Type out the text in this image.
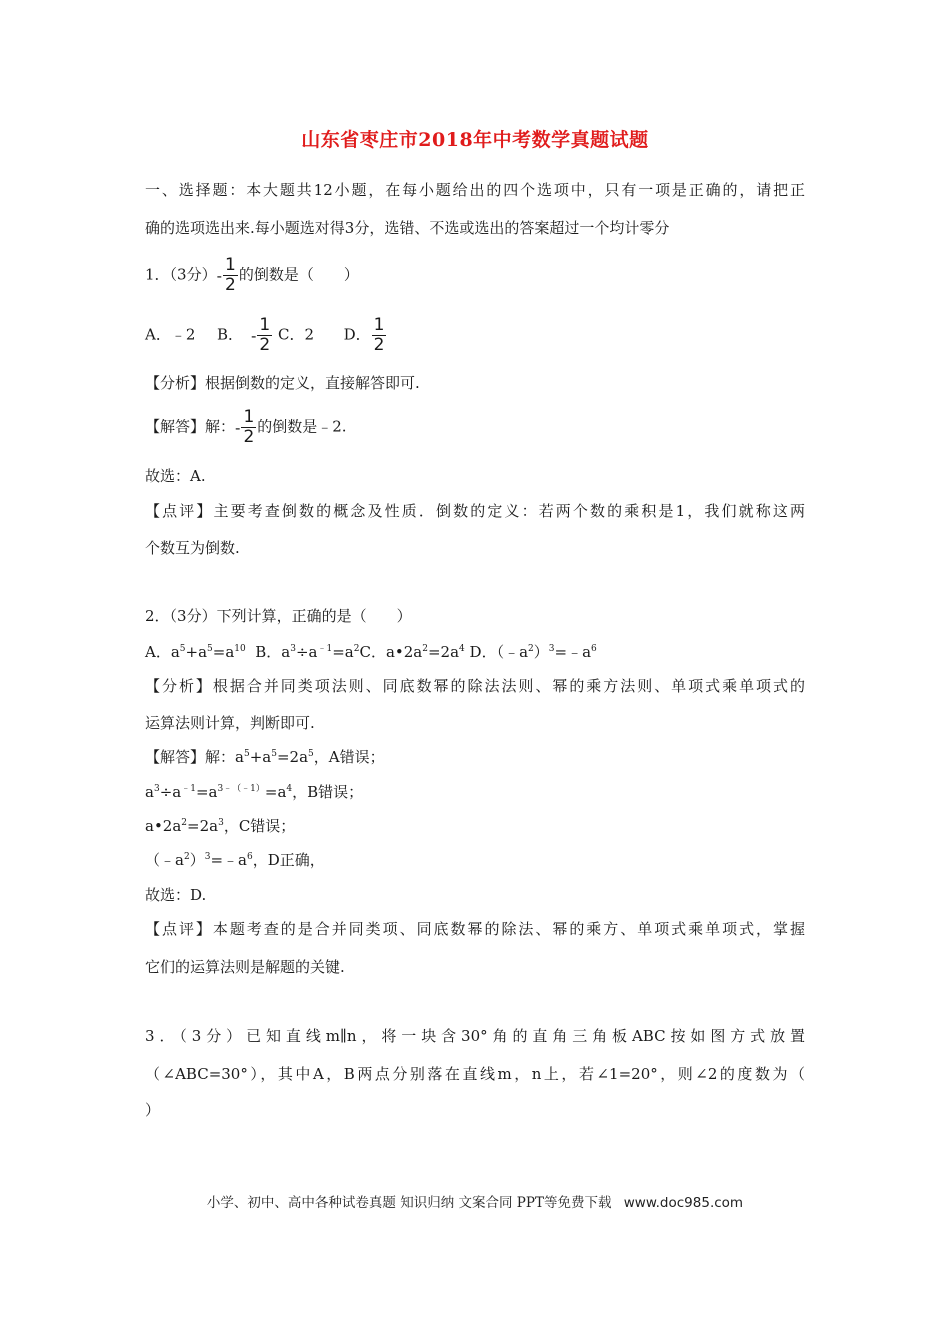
山东省枣庄市2018年中考数学真题试题
一、选择题：本大题共12小题，在每小题给出的四个选项中，只有一项是正确的，请把正
确的选项选出来.每小题选对得3分，选错、不选或选出的答案超过一个均计零分
1．（3分）- $\frac{1}{2}$ 的倒数是（　　）
A．﹣2 B． - $\frac{1}{2}$ C．2 D． $\frac{1}{2}$
【分析】根据倒数的定义，直接解答即可.
【解答】解：- $\frac{1}{2}$ 的倒数是﹣2.
故选：A.
【点评】主要考查倒数的概念及性质．倒数的定义：若两个数的乘积是1，我们就称这两
个数互为倒数.
2．（3分）下列计算，正确的是（　　）
A．$a^5+a^5=a^{10}$  B．$a^3\div a^{﹣1}=a^2C$．$a•2a^2=2a^4$ D．$(﹣a^2)^3=﹣a^6$
【分析】根据合并同类项法则、同底数幂的除法法则、幂的乘方法则、单项式乘单项式的
运算法则计算，判断即可.
【解答】解：$a^5+a^5=2a^5$，A错误；
$a^3\div a^{﹣1}=a^{3﹣(﹣1)}=a^4$，B错误；
$a•2a^2=2a^3$，C错误；
$(﹣a^2)^3=﹣a^6$，D正确，
故选：D.
【点评】本题考查的是合并同类项、同底数幂的除法、幂的乘方、单项式乘单项式，掌握
它们的运算法则是解题的关键.
3．（3分）已知直线m∥n，将一块含30°角的直角三角板ABC按如图方式放置
（∠ABC=30°），其中A，B两点分别落在直线m，n上，若∠1=20°，则∠2的度数为（
）
小学、初中、高中各种试卷真题 知识归纳 文案合同 PPT等免费下载 www.doc985.com
